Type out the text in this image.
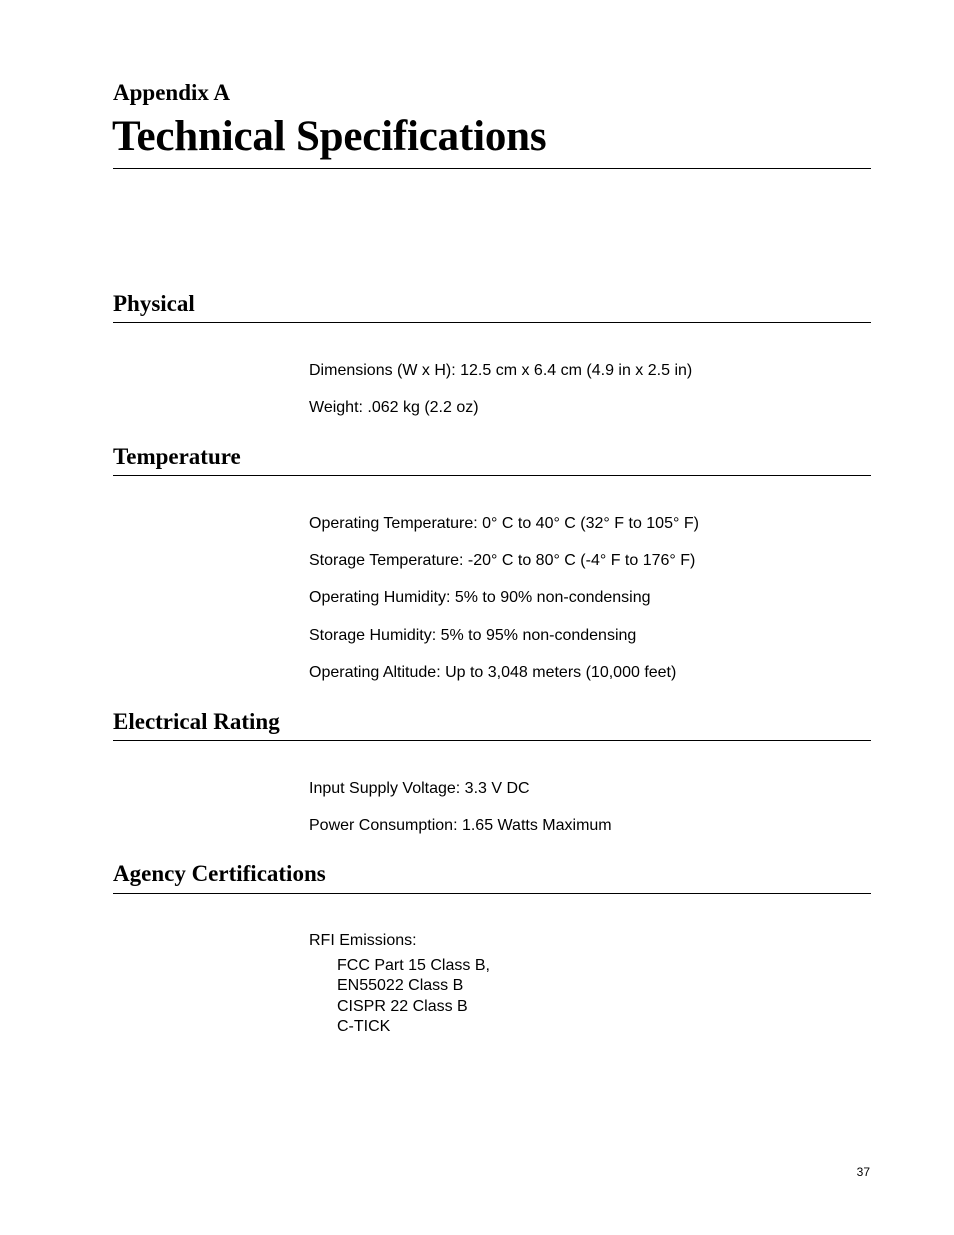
Appendix A
Technical Specifications
Physical

Dimensions (W x H): 12.5 cm x 6.4 cm (4.9 in x 2.5 in)

Weight: .062 kg (2.2 oz)

Temperature

Operating Temperature: 0° C to 40° C (32° F to 105° F)

Storage Temperature: -20° C to 80° C (-4° F to 176° F)

Operating Humidity: 5% to 90% non-condensing

Storage Humidity: 5% to 95% non-condensing

Operating Altitude: Up to 3,048 meters (10,000 feet)

Electrical Rating

Input Supply Voltage: 3.3 V DC

Power Consumption: 1.65 Watts Maximum

Agency Certifications

RFI Emissions:

FCC Part 15 Class B,
EN55022 Class B
CISPR 22 Class B
C-TICK
37
